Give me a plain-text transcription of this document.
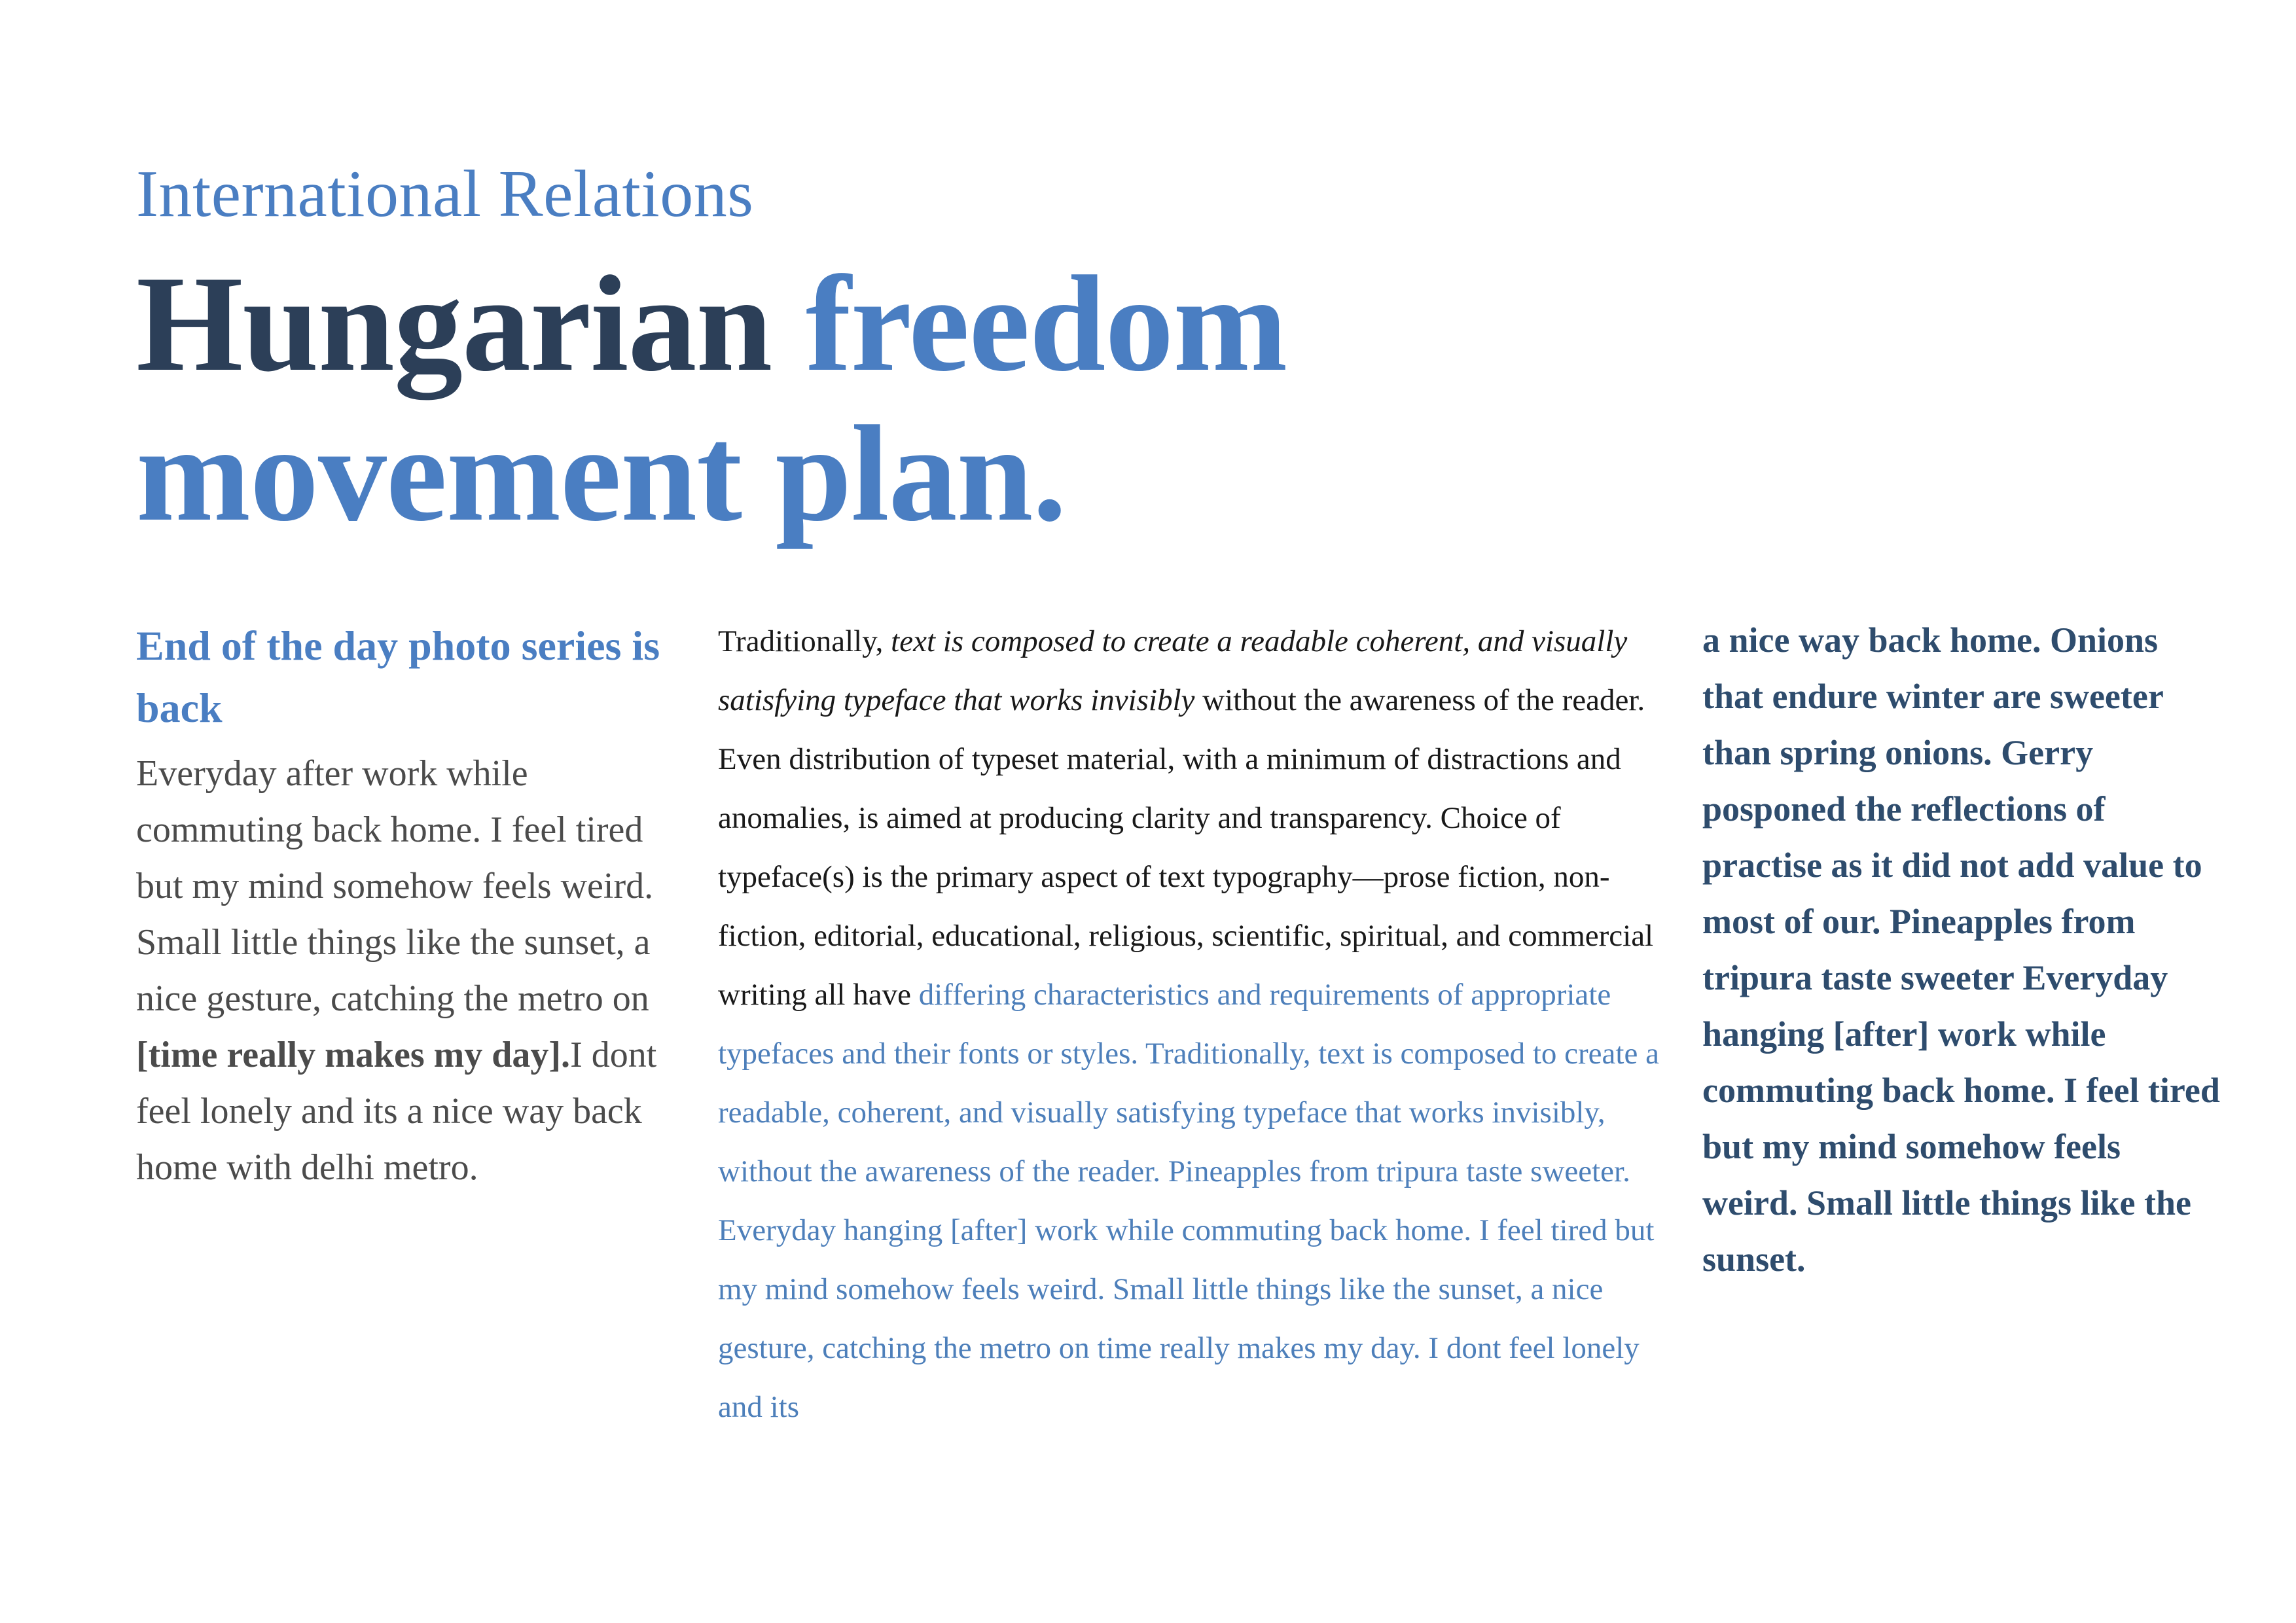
International Relations
Hungarian freedom movement plan.
End of the day photo series is back

Everyday after work while commuting back home. I feel tired but my mind somehow feels weird. Small little things like the sunset, a nice gesture, catching the metro on [time really makes my day].I dont feel lonely and its a nice way back home with delhi metro.

Traditionally, text is composed to create a readable coherent, and visually satisfying typeface that works invisibly without the awareness of the reader. Even distribution of typeset material, with a minimum of distractions and anomalies, is aimed at producing clarity and transparency. Choice of typeface(s) is the primary aspect of text typography—prose fiction, non-fiction, editorial, educational, religious, scientific, spiritual, and commercial writing all have differing characteristics and requirements of appropriate typefaces and their fonts or styles. Traditionally, text is composed to create a readable, coherent, and visually satisfying typeface that works invisibly, without the awareness of the reader. Pineapples from tripura taste sweeter. Everyday hanging [after] work while commuting back home. I feel tired but my mind somehow feels weird. Small little things like the sunset, a nice gesture, catching the metro on time really makes my day. I dont feel lonely and its

a nice way back home. Onions that endure winter are sweeter than spring onions. Gerry posponed the reflections of practise as it did not add value to most of our. Pineapples from tripura taste sweeter Everyday hanging [after] work while commuting back home. I feel tired but my mind somehow feels weird. Small little things like the sunset.
